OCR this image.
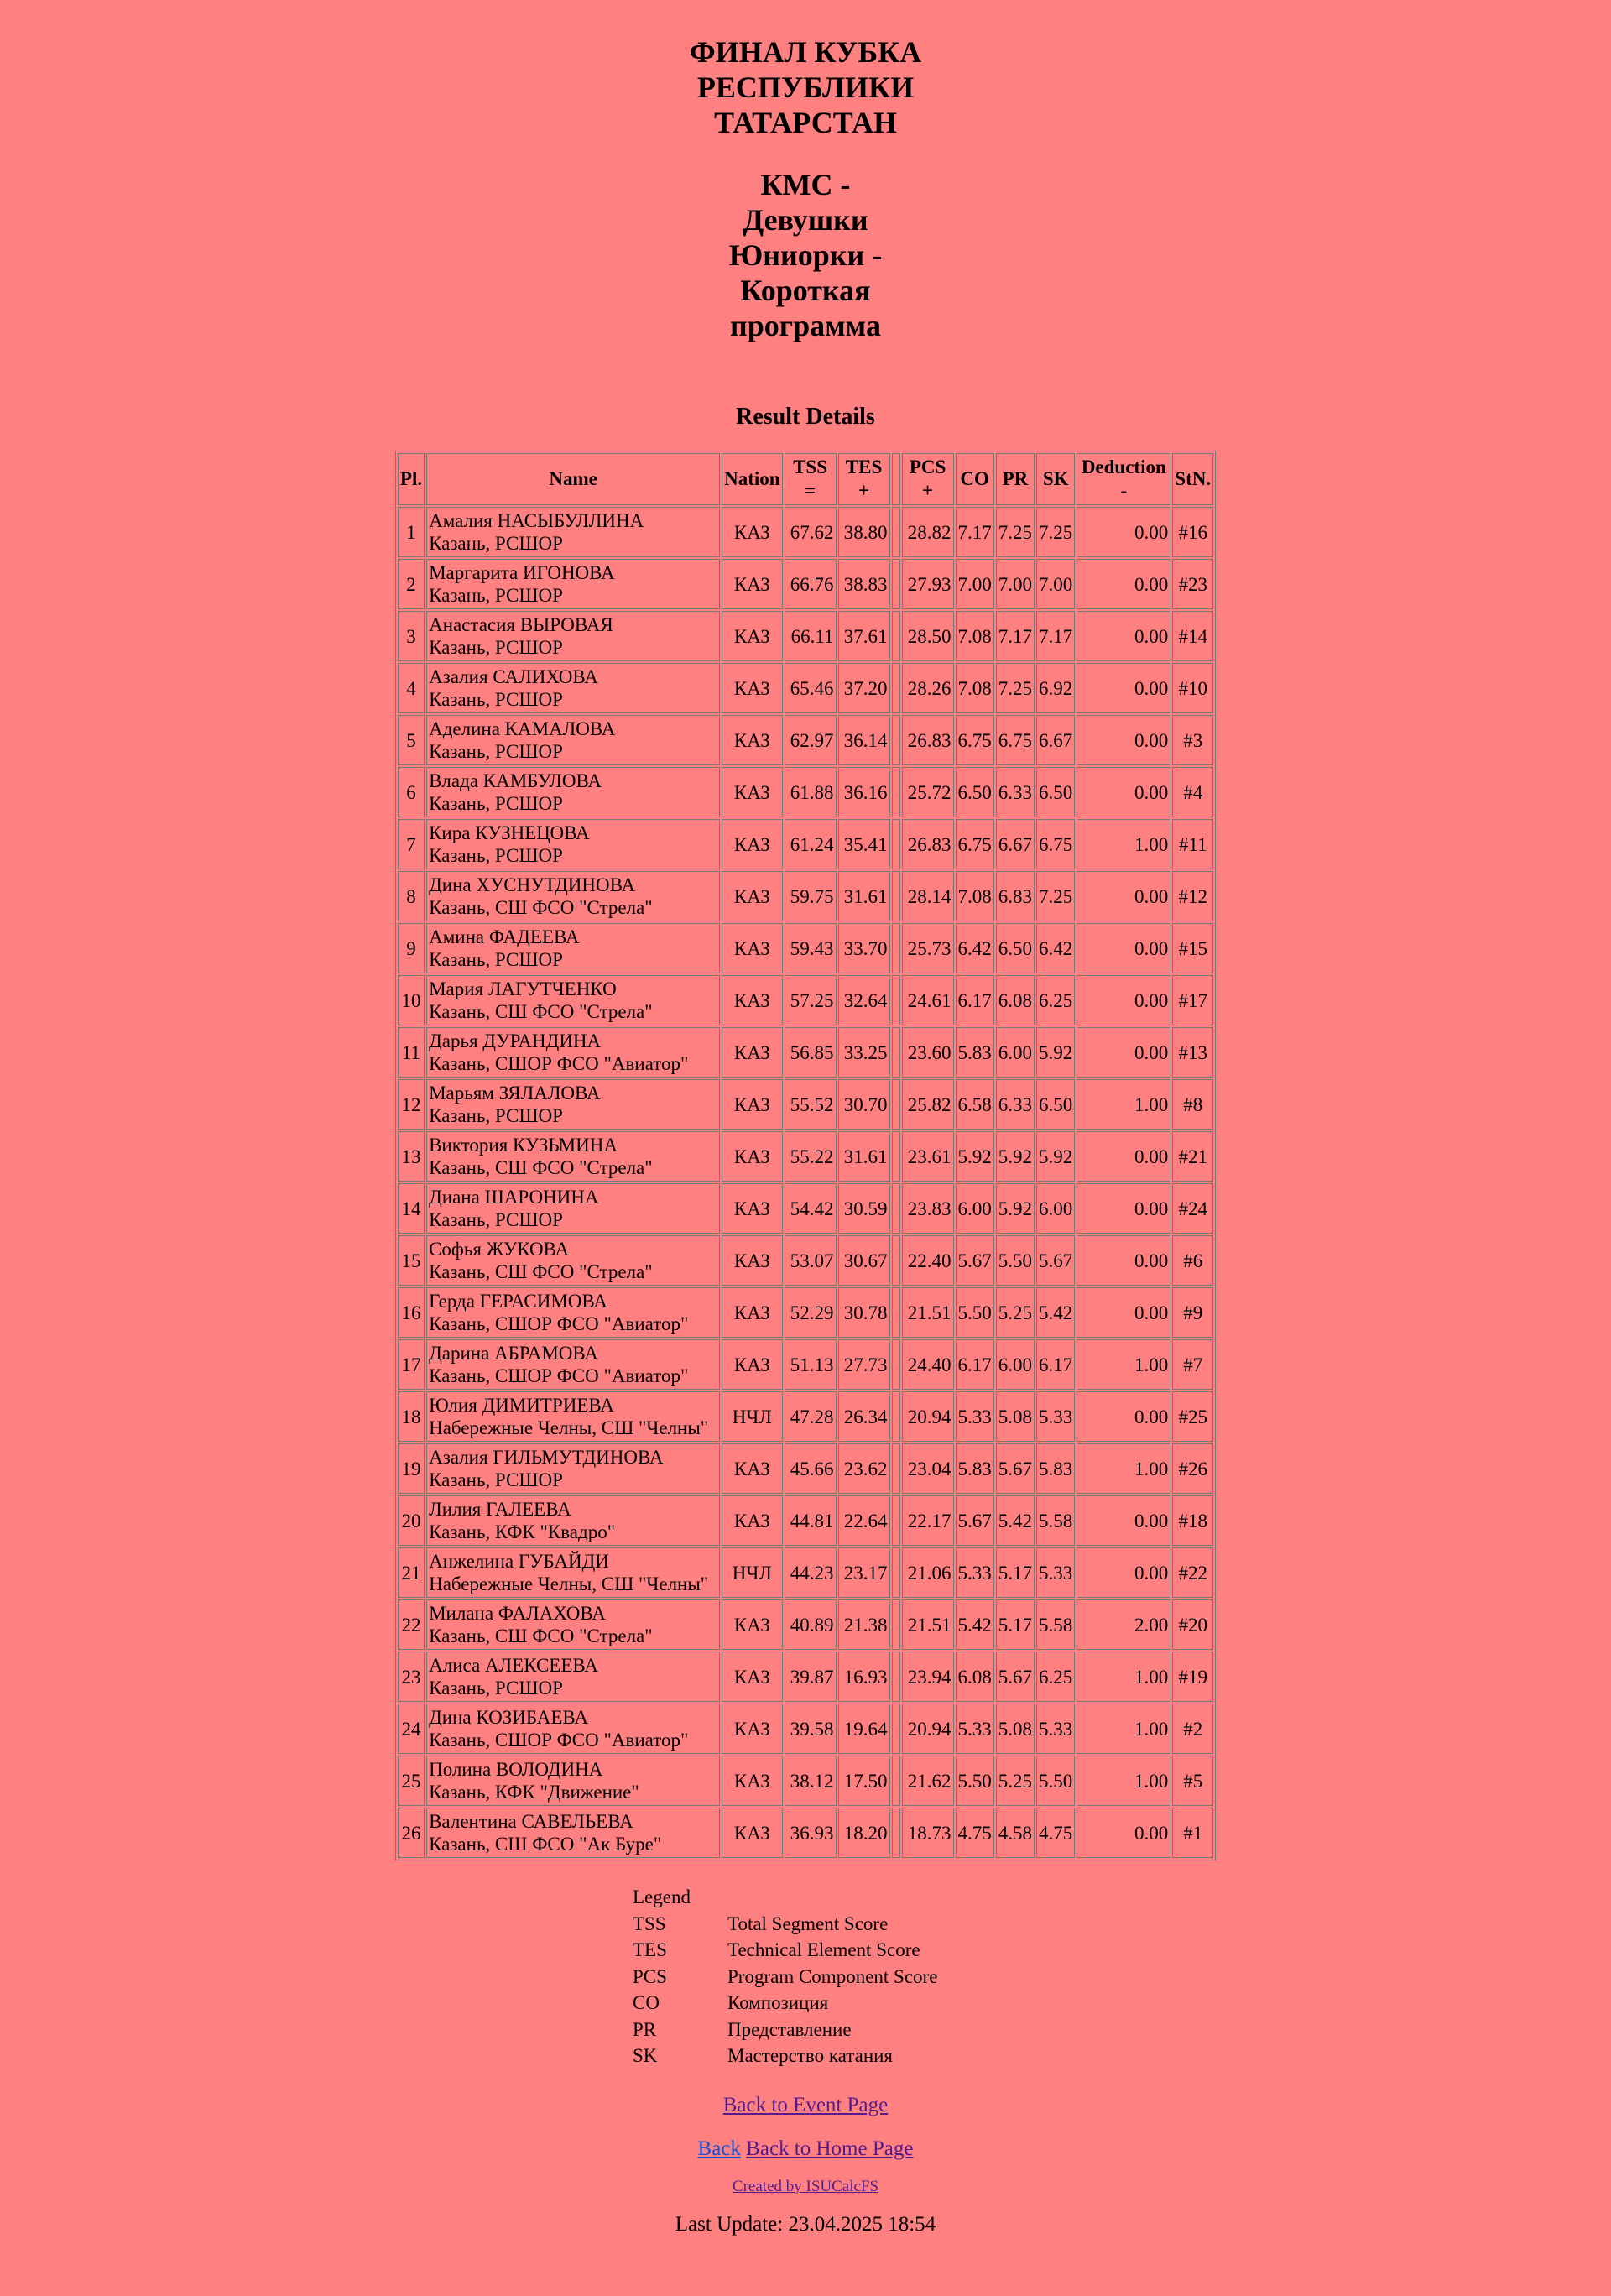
ФИНАЛ КУБКА РЕСПУБЛИКИ ТАТАРСТАН
КМС - Девушки Юниорки - Короткая программа
Result Details
Pl.	Name	Nation	TSS =	TES +		PCS +	CO	PR	SK	Deduction -	StN.
1	Амалия НАСЫБУЛЛИНА
Казань, РСШОР	КАЗ	67.62	38.80		28.82	7.17	7.25	7.25	0.00	#16
2	Маргарита ИГОНОВА
Казань, РСШОР	КАЗ	66.76	38.83		27.93	7.00	7.00	7.00	0.00	#23
3	Анастасия ВЫРОВАЯ
Казань, РСШОР	КАЗ	66.11	37.61		28.50	7.08	7.17	7.17	0.00	#14
4	Азалия САЛИХОВА
Казань, РСШОР	КАЗ	65.46	37.20		28.26	7.08	7.25	6.92	0.00	#10
5	Аделина КАМАЛОВА
Казань, РСШОР	КАЗ	62.97	36.14		26.83	6.75	6.75	6.67	0.00	#3
6	Влада КАМБУЛОВА
Казань, РСШОР	КАЗ	61.88	36.16		25.72	6.50	6.33	6.50	0.00	#4
7	Кира КУЗНЕЦОВА
Казань, РСШОР	КАЗ	61.24	35.41		26.83	6.75	6.67	6.75	1.00	#11
8	Дина ХУСНУТДИНОВА
Казань, СШ ФСО "Стрела"	КАЗ	59.75	31.61		28.14	7.08	6.83	7.25	0.00	#12
9	Амина ФАДЕЕВА
Казань, РСШОР	КАЗ	59.43	33.70		25.73	6.42	6.50	6.42	0.00	#15
10	Мария ЛАГУТЧЕНКО
Казань, СШ ФСО "Стрела"	КАЗ	57.25	32.64		24.61	6.17	6.08	6.25	0.00	#17
11	Дарья ДУРАНДИНА
Казань, СШОР ФСО "Авиатор"	КАЗ	56.85	33.25		23.60	5.83	6.00	5.92	0.00	#13
12	Марьям ЗЯЛАЛОВА
Казань, РСШОР	КАЗ	55.52	30.70		25.82	6.58	6.33	6.50	1.00	#8
13	Виктория КУЗЬМИНА
Казань, СШ ФСО "Стрела"	КАЗ	55.22	31.61		23.61	5.92	5.92	5.92	0.00	#21
14	Диана ШАРОНИНА
Казань, РСШОР	КАЗ	54.42	30.59		23.83	6.00	5.92	6.00	0.00	#24
15	Софья ЖУКОВА
Казань, СШ ФСО "Стрела"	КАЗ	53.07	30.67		22.40	5.67	5.50	5.67	0.00	#6
16	Герда ГЕРАСИМОВА
Казань, СШОР ФСО "Авиатор"	КАЗ	52.29	30.78		21.51	5.50	5.25	5.42	0.00	#9
17	Дарина АБРАМОВА
Казань, СШОР ФСО "Авиатор"	КАЗ	51.13	27.73		24.40	6.17	6.00	6.17	1.00	#7
18	Юлия ДИМИТРИЕВА
Набережные Челны, СШ "Челны"	НЧЛ	47.28	26.34		20.94	5.33	5.08	5.33	0.00	#25
19	Азалия ГИЛЬМУТДИНОВА
Казань, РСШОР	КАЗ	45.66	23.62		23.04	5.83	5.67	5.83	1.00	#26
20	Лилия ГАЛЕЕВА
Казань, КФК "Квадро"	КАЗ	44.81	22.64		22.17	5.67	5.42	5.58	0.00	#18
21	Анжелина ГУБАЙДИ
Набережные Челны, СШ "Челны"	НЧЛ	44.23	23.17		21.06	5.33	5.17	5.33	0.00	#22
22	Милана ФАЛАХОВА
Казань, СШ ФСО "Стрела"	КАЗ	40.89	21.38		21.51	5.42	5.17	5.58	2.00	#20
23	Алиса АЛЕКСЕЕВА
Казань, РСШОР	КАЗ	39.87	16.93		23.94	6.08	5.67	6.25	1.00	#19
24	Дина КОЗИБАЕВА
Казань, СШОР ФСО "Авиатор"	КАЗ	39.58	19.64		20.94	5.33	5.08	5.33	1.00	#2
25	Полина ВОЛОДИНА
Казань, КФК "Движение"	КАЗ	38.12	17.50		21.62	5.50	5.25	5.50	1.00	#5
26	Валентина САВЕЛЬЕВА
Казань, СШ ФСО "Ак Буре"	КАЗ	36.93	18.20		18.73	4.75	4.58	4.75	0.00	#1
Legend
TSS	Total Segment Score
TES	Technical Element Score
PCS	Program Component Score
CO	Композиция
PR	Представление
SK	Мастерство катания
Back to Event Page
Back Back to Home Page
Created by ISUCalcFS
Last Update: 23.04.2025 18:54
